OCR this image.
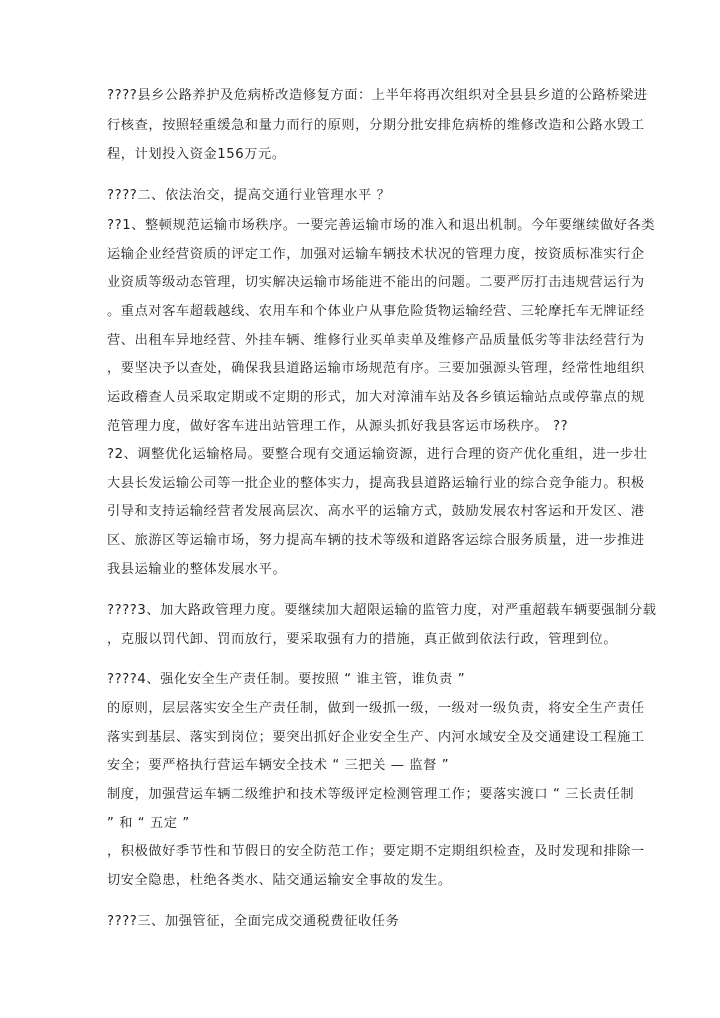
????县乡公路养护及危病桥改造修复方面：上半年将再次组织对全县县乡道的公路桥梁进
行核查，按照轻重缓急和量力而行的原则，分期分批安排危病桥的维修改造和公路水毁工
程，计划投入资金156万元。
????二、依法治交，提高交通行业管理水平 ？
??1、整顿规范运输市场秩序。一要完善运输市场的准入和退出机制。今年要继续做好各类
运输企业经营资质的评定工作，加强对运输车辆技术状况的管理力度，按资质标准实行企
业资质等级动态管理，切实解决运输市场能进不能出的问题。二要严厉打击违规营运行为
。重点对客车超载越线、农用车和个体业户从事危险货物运输经营、三轮摩托车无牌证经
营、出租车异地经营、外挂车辆、维修行业买单卖单及维修产品质量低劣等非法经营行为
，要坚决予以查处，确保我县道路运输市场规范有序。三要加强源头管理，经常性地组织
运政稽查人员采取定期或不定期的形式，加大对漳浦车站及各乡镇运输站点或停靠点的规
范管理力度，做好客车进出站管理工作，从源头抓好我县客运市场秩序。 ??
?2、调整优化运输格局。要整合现有交通运输资源，进行合理的资产优化重组，进一步壮
大县长发运输公司等一批企业的整体实力，提高我县道路运输行业的综合竞争能力。积极
引导和支持运输经营者发展高层次、高水平的运输方式，鼓励发展农村客运和开发区、港
区、旅游区等运输市场，努力提高车辆的技术等级和道路客运综合服务质量，进一步推进
我县运输业的整体发展水平。
????3、加大路政管理力度。要继续加大超限运输的监管力度，对严重超载车辆要强制分载
，克服以罚代卸、罚而放行，要采取强有力的措施，真正做到依法行政，管理到位。
????4、强化安全生产责任制。要按照 “ 谁主管，谁负责 ”
的原则，层层落实安全生产责任制，做到一级抓一级，一级对一级负责，将安全生产责任
落实到基层、落实到岗位；要突出抓好企业安全生产、内河水域安全及交通建设工程施工
安全；要严格执行营运车辆安全技术 “ 三把关 — 监督 ”
制度，加强营运车辆二级维护和技术等级评定检测管理工作；要落实渡口 “ 三长责任制
” 和 “ 五定 ”
，积极做好季节性和节假日的安全防范工作；要定期不定期组织检查，及时发现和排除一
切安全隐患，杜绝各类水、陆交通运输安全事故的发生。
????三、加强管征，全面完成交通税费征收任务
